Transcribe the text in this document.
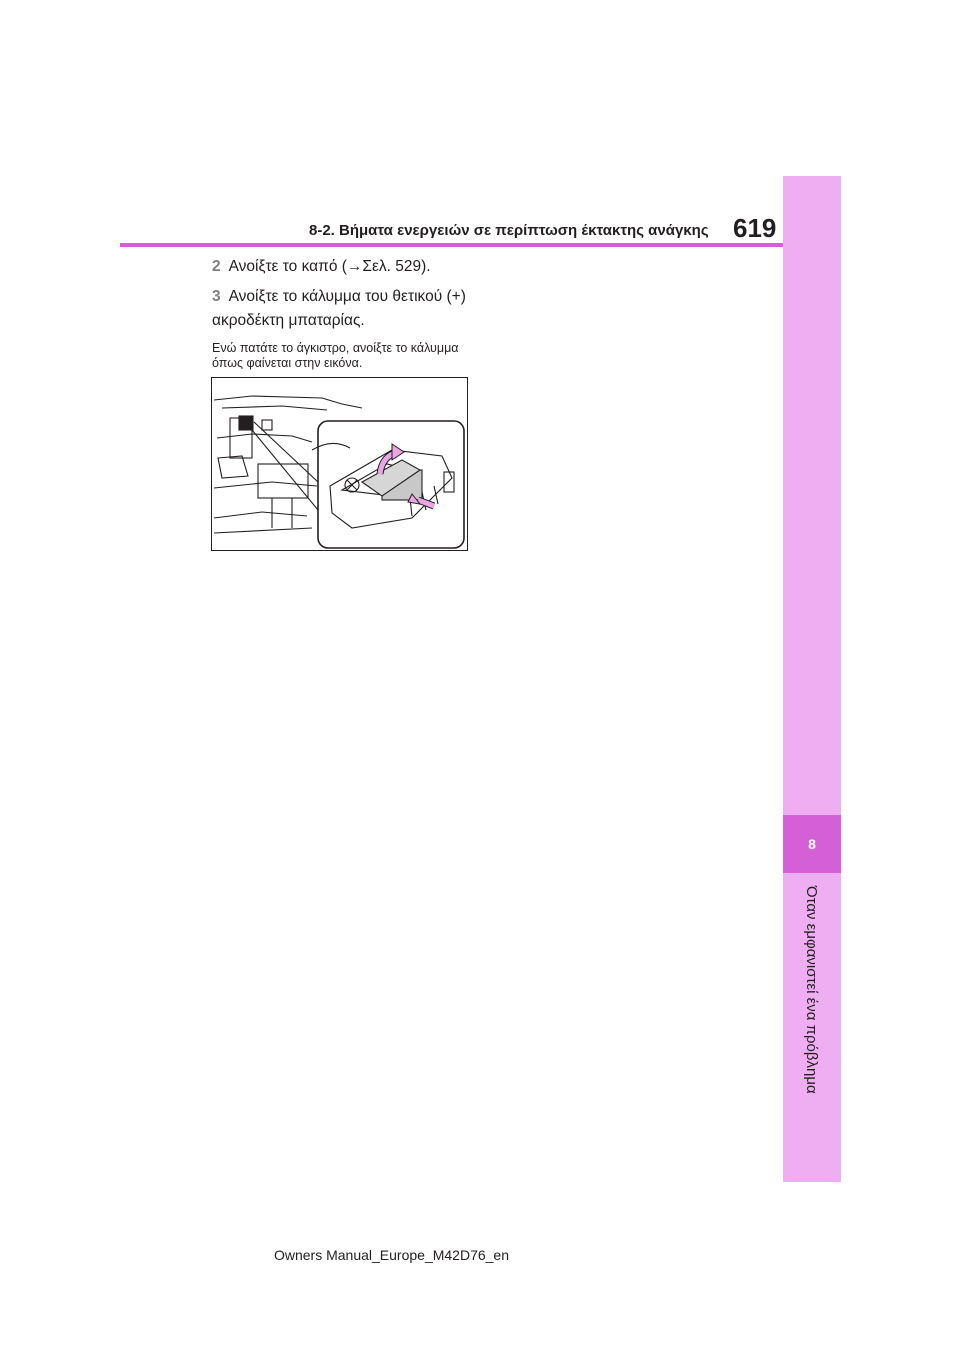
8
Όταν εμφανιστεί ένα πρόβλημα
8-2. Βήματα ενεργειών σε περίπτωση έκτακτης ανάγκης 619
2 Ανοίξτε το καπό (→Σελ. 529).
3 Ανοίξτε το κάλυμμα του θετικού (+) ακροδέκτη μπαταρίας.
Ενώ πατάτε το άγκιστρο, ανοίξτε το κάλυμμα όπως φαίνεται στην εικόνα.
Owners Manual_Europe_M42D76_en
